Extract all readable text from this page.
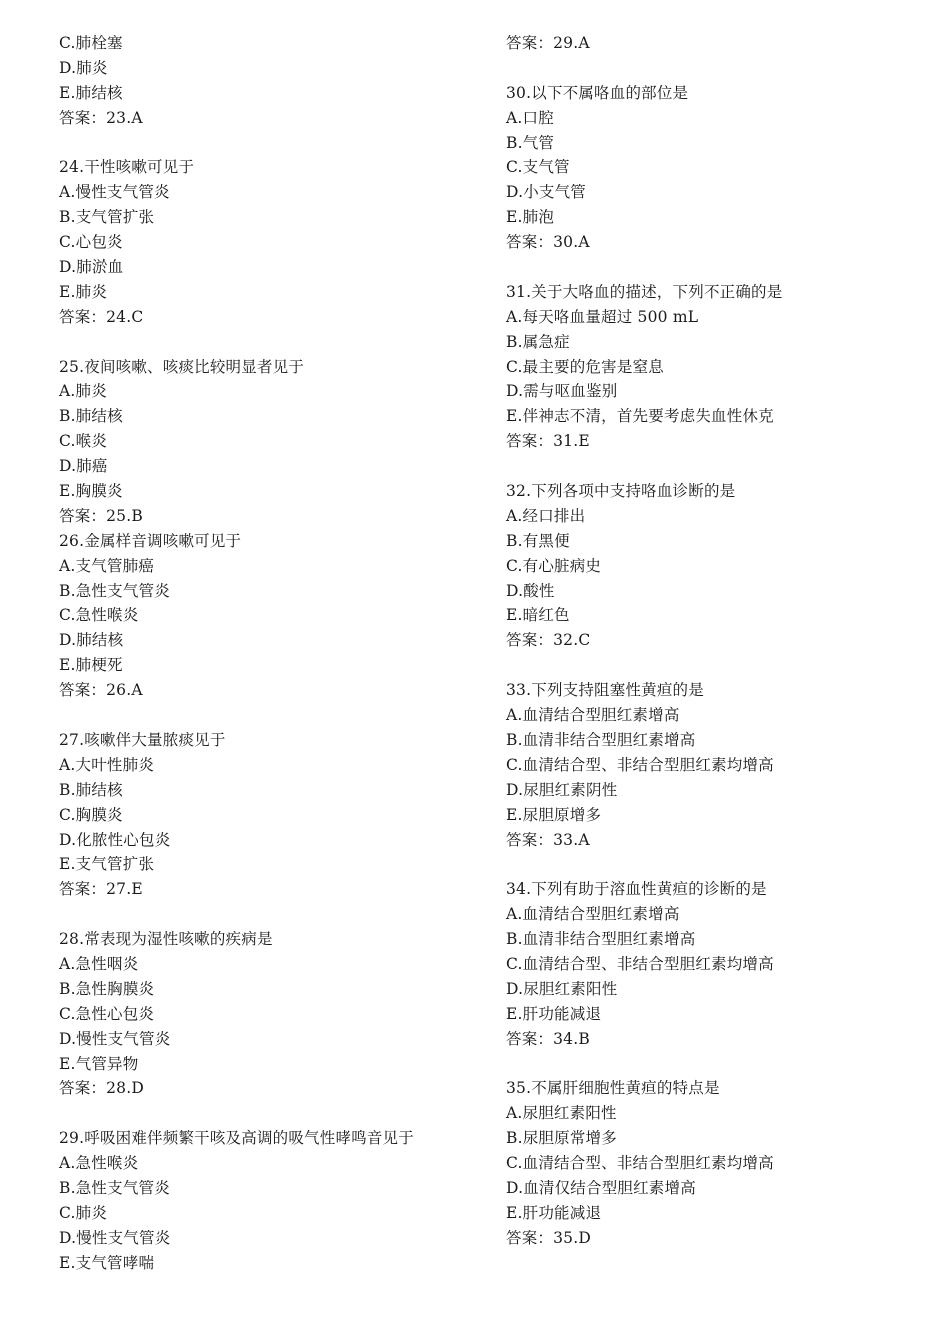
C.肺栓塞
D.肺炎
E.肺结核
答案：23.A
24.干性咳嗽可见于
A.慢性支气管炎
B.支气管扩张
C.心包炎
D.肺淤血
E.肺炎
答案：24.C
25.夜间咳嗽、咳痰比较明显者见于
A.肺炎
B.肺结核
C.喉炎
D.肺癌
E.胸膜炎
答案：25.B
26.金属样音调咳嗽可见于
A.支气管肺癌
B.急性支气管炎
C.急性喉炎
D.肺结核
E.肺梗死
答案：26.A
27.咳嗽伴大量脓痰见于
A.大叶性肺炎
B.肺结核
C.胸膜炎
D.化脓性心包炎
E.支气管扩张
答案：27.E
28.常表现为湿性咳嗽的疾病是
A.急性咽炎
B.急性胸膜炎
C.急性心包炎
D.慢性支气管炎
E.气管异物
答案：28.D
29.呼吸困难伴频繁干咳及高调的吸气性哮鸣音见于
A.急性喉炎
B.急性支气管炎
C.肺炎
D.慢性支气管炎
E.支气管哮喘
答案：29.A
30.以下不属咯血的部位是
A.口腔
B.气管
C.支气管
D.小支气管
E.肺泡
答案：30.A
31.关于大咯血的描述，下列不正确的是
A.每天咯血量超过 500 mL
B.属急症
C.最主要的危害是窒息
D.需与呕血鉴别
E.伴神志不清，首先要考虑失血性休克
答案：31.E
32.下列各项中支持咯血诊断的是
A.经口排出
B.有黑便
C.有心脏病史
D.酸性
E.暗红色
答案：32.C
33.下列支持阻塞性黄疸的是
A.血清结合型胆红素增高
B.血清非结合型胆红素增高
C.血清结合型、非结合型胆红素均增高
D.尿胆红素阴性
E.尿胆原增多
答案：33.A
34.下列有助于溶血性黄疸的诊断的是
A.血清结合型胆红素增高
B.血清非结合型胆红素增高
C.血清结合型、非结合型胆红素均增高
D.尿胆红素阳性
E.肝功能减退
答案：34.B
35.不属肝细胞性黄疸的特点是
A.尿胆红素阳性
B.尿胆原常增多
C.血清结合型、非结合型胆红素均增高
D.血清仅结合型胆红素增高
E.肝功能减退
答案：35.D
